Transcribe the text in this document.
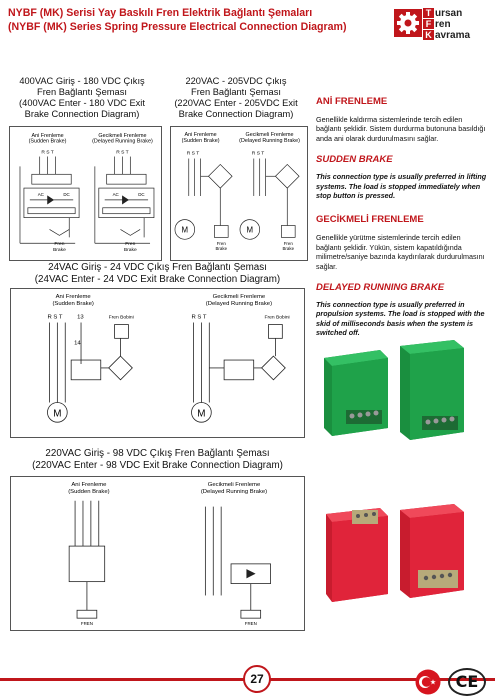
NYBF (MK) Serisi Yay Baskılı Fren Elektrik Bağlantı Şemaları
(NYBF (MK) Series Spring Pressure Electrical Connection Diagram)
T ursan
F ren
K avrama
400VAC Giriş - 180 VDC Çıkış
Fren Bağlantı Şeması
(400VAC Enter - 180 VDC Exit
Brake Connection Diagram)
220VAC - 205VDC Çıkış
Fren Bağlantı Şeması
(220VAC Enter - 205VDC Exit
Brake Connection Diagram)
Ani Frenleme
(Sudden Brake)
Gecikmeli Frenleme
(Delayed Running Brake)
R S T	R S T
AC	DC	AC	DC
Fren
Brake
Fren
Brake
Ani Frenleme
(Sudden Brake)
Gecikmeli Frenleme
(Delayed Running Brake)
R S T	R S T
M	M
Fren
Brake
Fren
Brake
24VAC Giriş - 24 VDC Çıkış Fren Bağlantı Şeması
(24VAC Enter - 24 VDC Exit Brake Connection Diagram)
Ani Frenleme
(Sudden Brake)
Gecikmeli Frenleme
(Delayed Running Brake)
R S T 13
14
Fren Bobini	R S T	Fren Bobini
M	M
220VAC Giriş - 98 VDC Çıkış Fren Bağlantı Şeması
(220VAC Enter - 98 VDC Exit Brake Connection Diagram)
Ani Frenleme
(Sudden Brake)
Gecikmeli Frenleme
(Delayed Running Brake)
FREN	FREN
ANİ FRENLEME
Genellikle kaldırma sistemlerinde tercih edilen bağlantı şeklidir. Sistem durdurma butonuna basıldığı anda ani olarak durdurulmasını sağlar.
SUDDEN BRAKE
This connection type is usually preferred in lifting systems. The load is stopped immediately when stop button is pressed.
GECİKMELİ FRENLEME
Genellikle yürütme sistemlerinde tercih edilen bağlantı şeklidir. Yükün, sistem kapatıldığında milimetre/saniye bazında kaydırılarak durdurulmasını sağlar.
DELAYED RUNNING BRAKE
This connection type is usually preferred in propulsion systems. The load is stopped with the skid of milliseconds basis when the system is switched off.
27	CE
